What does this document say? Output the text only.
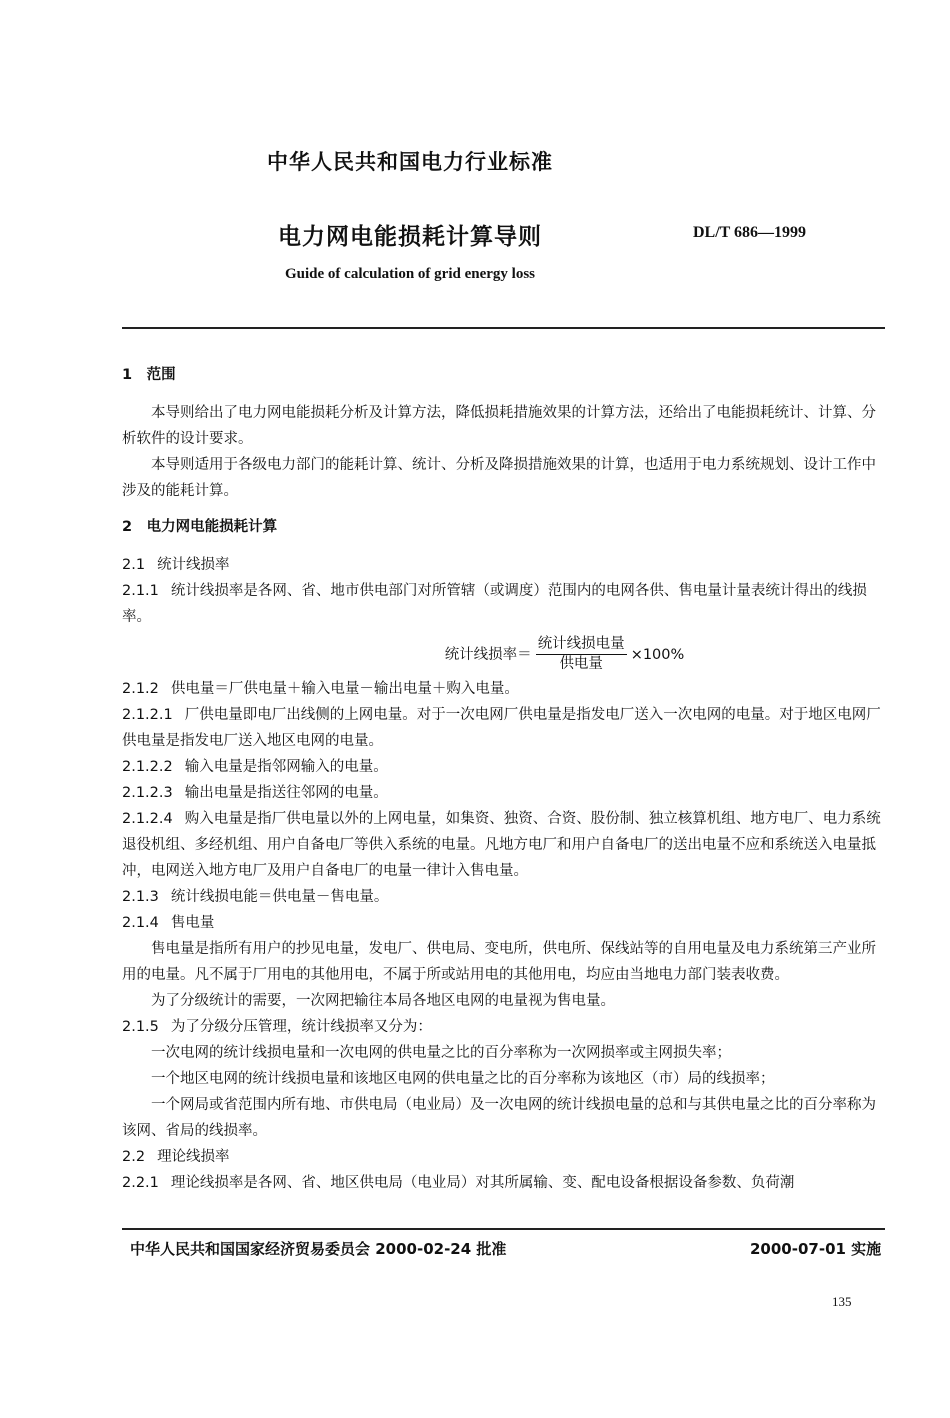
中华人民共和国电力行业标准
电力网电能损耗计算导则	DL/T 686—1999
Guide of calculation of grid energy loss

1　范围

本导则给出了电力网电能损耗分析及计算方法，降低损耗措施效果的计算方法，还给出了电能损耗统计、计算、分析软件的设计要求。

本导则适用于各级电力部门的能耗计算、统计、分析及降损措施效果的计算，也适用于电力系统规划、设计工作中涉及的能耗计算。

2　电力网电能损耗计算

2.1 统计线损率

2.1.1 统计线损率是各网、省、地市供电部门对所管辖（或调度）范围内的电网各供、售电量计量表统计得出的线损率。

统计线损率＝ $\frac{\text{统计线损电量}}{\text{供电量}} \times 100\%$

2.1.2 供电量＝厂供电量＋输入电量－输出电量＋购入电量。

2.1.2.1 厂供电量即电厂出线侧的上网电量。对于一次电网厂供电量是指发电厂送入一次电网的电量。对于地区电网厂供电量是指发电厂送入地区电网的电量。

2.1.2.2 输入电量是指邻网输入的电量。

2.1.2.3 输出电量是指送往邻网的电量。

2.1.2.4 购入电量是指厂供电量以外的上网电量，如集资、独资、合资、股份制、独立核算机组、地方电厂、电力系统退役机组、多经机组、用户自备电厂等供入系统的电量。凡地方电厂和用户自备电厂的送出电量不应和系统送入电量抵冲，电网送入地方电厂及用户自备电厂的电量一律计入售电量。

2.1.3 统计线损电能＝供电量－售电量。

2.1.4 售电量

售电量是指所有用户的抄见电量，发电厂、供电局、变电所，供电所、保线站等的自用电量及电力系统第三产业所用的电量。凡不属于厂用电的其他用电，不属于所或站用电的其他用电，均应由当地电力部门装表收费。

为了分级统计的需要，一次网把输往本局各地区电网的电量视为售电量。

2.1.5 为了分级分压管理，统计线损率又分为：

一次电网的统计线损电量和一次电网的供电量之比的百分率称为一次网损率或主网损失率；

一个地区电网的统计线损电量和该地区电网的供电量之比的百分率称为该地区（市）局的线损率；

一个网局或省范围内所有地、市供电局（电业局）及一次电网的统计线损电量的总和与其供电量之比的百分率称为该网、省局的线损率。

2.2 理论线损率

2.2.1 理论线损率是各网、省、地区供电局（电业局）对其所属输、变、配电设备根据设备参数、负荷潮

中华人民共和国国家经济贸易委员会 2000-02-24 批准	2000-07-01 实施
135
